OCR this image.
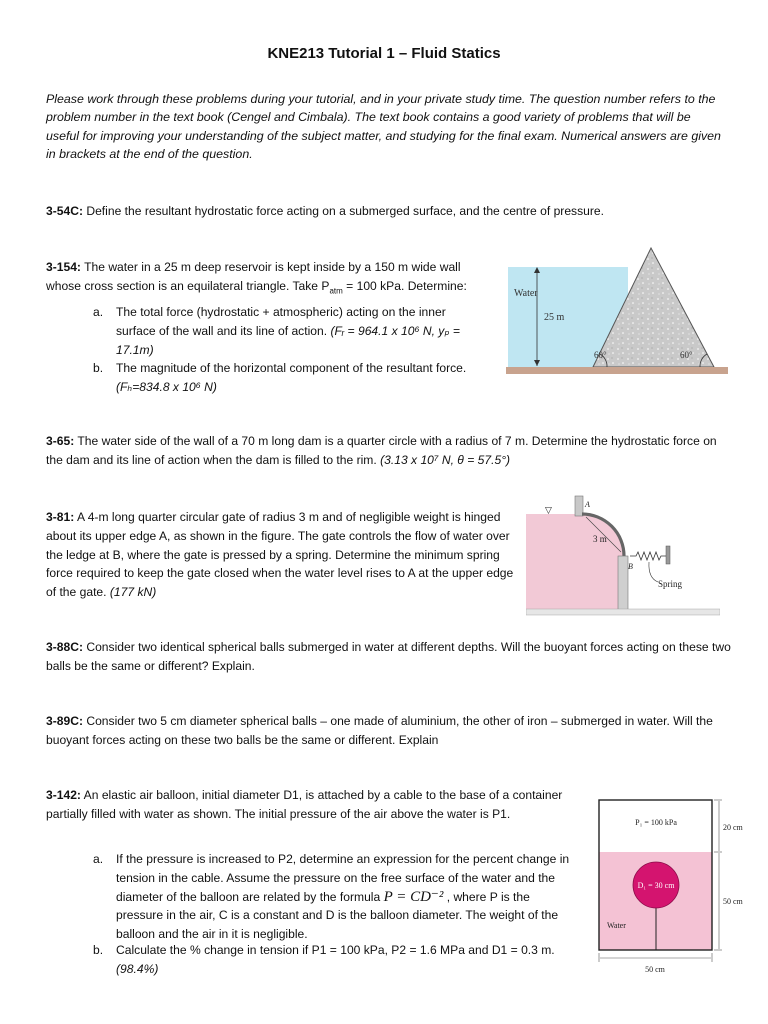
KNE213 Tutorial 1 – Fluid Statics
Please work through these problems during your tutorial, and in your private study time. The question number refers to the problem number in the text book (Cengel and Cimbala). The text book contains a good variety of problems that will be useful for improving your understanding of the subject matter, and studying for the final exam. Numerical answers are given in brackets at the end of the question.
3-54C: Define the resultant hydrostatic force acting on a submerged surface, and the centre of pressure.
3-154: The water in a 25 m deep reservoir is kept inside by a 150 m wide wall whose cross section is an equilateral triangle. Take $P_{atm} = 100$ kPa. Determine:
a. The total force (hydrostatic + atmospheric) acting on the inner surface of the wall and its line of action. (Fᵣ = 964.1 x 10⁶ N, yₚ = 17.1m)
b. The magnitude of the horizontal component of the resultant force. (Fₕ=834.8 x 10⁶ N)
Water
25 m
60°	60°
3-65: The water side of the wall of a 70 m long dam is a quarter circle with a radius of 7 m. Determine the hydrostatic force on the dam and its line of action when the dam is filled to the rim. (3.13 x 10⁷ N, θ = 57.5°)
3-81: A 4-m long quarter circular gate of radius 3 m and of negligible weight is hinged about its upper edge A, as shown in the figure. The gate controls the flow of water over the ledge at B, where the gate is pressed by a spring. Determine the minimum spring force required to keep the gate closed when the water level rises to A at the upper edge of the gate. (177 kN)
3 m
A
B
Spring
▽
3-88C: Consider two identical spherical balls submerged in water at different depths. Will the buoyant forces acting on these two balls be the same or different? Explain.
3-89C: Consider two 5 cm diameter spherical balls – one made of aluminium, the other of iron – submerged in water. Will the buoyant forces acting on these two balls be the same or different. Explain
3-142: An elastic air balloon, initial diameter D1, is attached by a cable to the base of a container partially filled with water as shown. The initial pressure of the air above the water is P1.
a. If the pressure is increased to P2, determine an expression for the percent change in tension in the cable. Assume the pressure on the free surface of the water and the diameter of the balloon are related by the formula P = CD⁻² , where P is the pressure in the air, C is a constant and D is the balloon diameter. The weight of the balloon and the air in it is negligible.
b. Calculate the % change in tension if P1 = 100 kPa, P2 = 1.6 MPa and D1 = 0.3 m. (98.4%)
D₁ = 30 cm
P₁ = 100 kPa
Water
20 cm
50 cm
50 cm
